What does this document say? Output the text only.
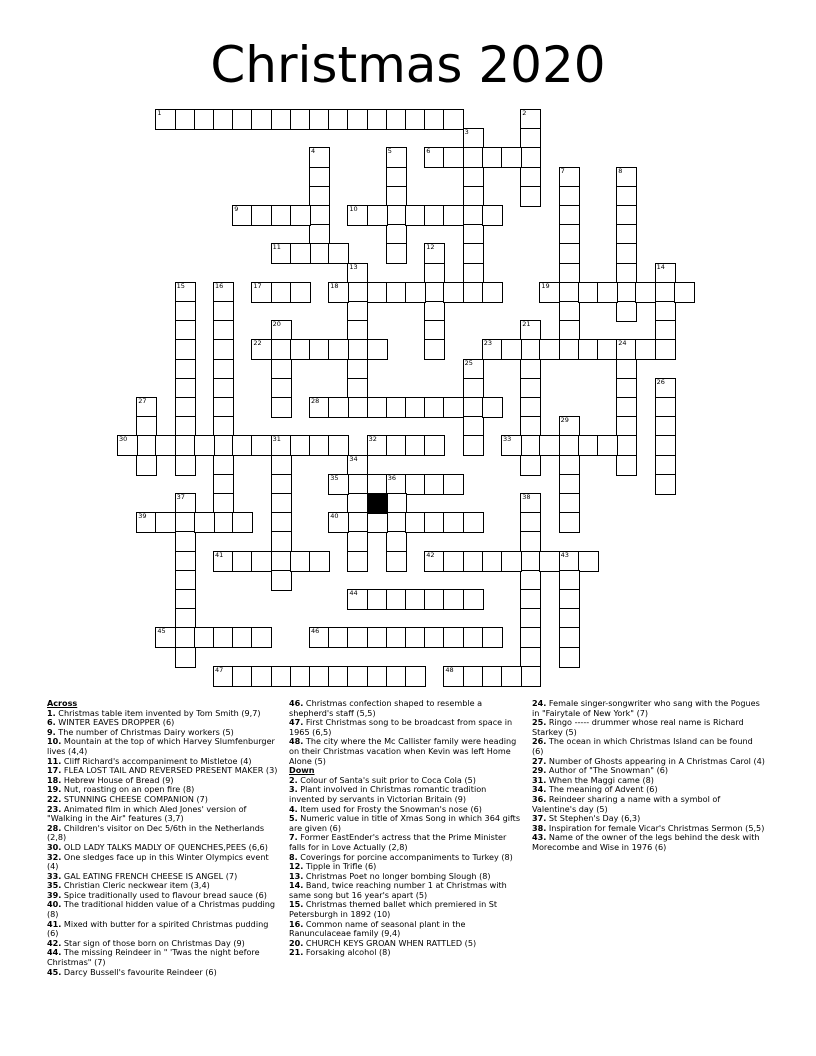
Christmas 2020
1	2
3
4	5	6
7	8
9	10
11	12
13	14
15	16	17	18	19
20	21
22	23	24
25
26
27	28
29
30	31	32	33
34
35	36
37	38
39	40
41	42	43
44
45	46
47	48

Across

1. Christmas table item invented by Tom Smith (9,7)

6. WINTER EAVES DROPPER (6)

9. The number of Christmas Dairy workers (5)

10. Mountain at the top of which Harvey Slumfenburger lives (4,4)

11. Cliff Richard's accompaniment to Mistletoe (4)

17. FLEA LOST TAIL AND REVERSED PRESENT MAKER (3)

18. Hebrew House of Bread (9)

19. Nut, roasting on an open fire (8)

22. STUNNING CHEESE COMPANION (7)

23. Animated film in which Aled Jones' version of "Walking in the Air" features (3,7)

28. Children's visitor on Dec 5/6th in the Netherlands (2,8)

30. OLD LADY TALKS MADLY OF QUENCHES,PEES (6,6)

32. One sledges face up in this Winter Olympics event (4)

33. GAL EATING FRENCH CHEESE IS ANGEL (7)

35. Christian Cleric neckwear item (3,4)

39. Spice traditionally used to flavour bread sauce (6)

40. The traditional hidden value of a Christmas pudding (8)

41. Mixed with butter for a spirited Christmas pudding (6)

42. Star sign of those born on Christmas Day (9)

44. The missing Reindeer in " 'Twas the night before Christmas" (7)

45. Darcy Bussell's favourite Reindeer (6)

46. Christmas confection shaped to resemble a shepherd's staff (5,5)

47. First Christmas song to be broadcast from space in 1965 (6,5)

48. The city where the Mc Callister family were heading on their Christmas vacation when Kevin was left Home Alone (5)

Down

2. Colour of Santa's suit prior to Coca Cola (5)

3. Plant involved in Christmas romantic tradition invented by servants in Victorian Britain (9)

4. Item used for Frosty the Snowman's nose (6)

5. Numeric value in title of Xmas Song in which 364 gifts are given (6)

7. Former EastEnder's actress that the Prime Minister falls for in Love Actually (2,8)

8. Coverings for porcine accompaniments to Turkey (8)

12. Tipple in Trifle (6)

13. Christmas Poet no longer bombing Slough (8)

14. Band, twice reaching number 1 at Christmas with same song but 16 year's apart (5)

15. Christmas themed ballet which premiered in St Petersburgh in 1892 (10)

16. Common name of seasonal plant in the Ranunculaceae family (9,4)

20. CHURCH KEYS GROAN WHEN RATTLED (5)

21. Forsaking alcohol (8)

24. Female singer-songwriter who sang with the Pogues in "Fairytale of New York" (7)

25. Ringo ----- drummer whose real name is Richard Starkey (5)

26. The ocean in which Christmas Island can be found (6)

27. Number of Ghosts appearing in A Christmas Carol (4)

29. Author of "The Snowman" (6)

31. When the Maggi came (8)

34. The meaning of Advent (6)

36. Reindeer sharing a name with a symbol of Valentine's day (5)

37. St Stephen's Day (6,3)

38. Inspiration for female Vicar's Christmas Sermon (5,5)

43. Name of the owner of the legs behind the desk with Morecombe and Wise in 1976 (6)
